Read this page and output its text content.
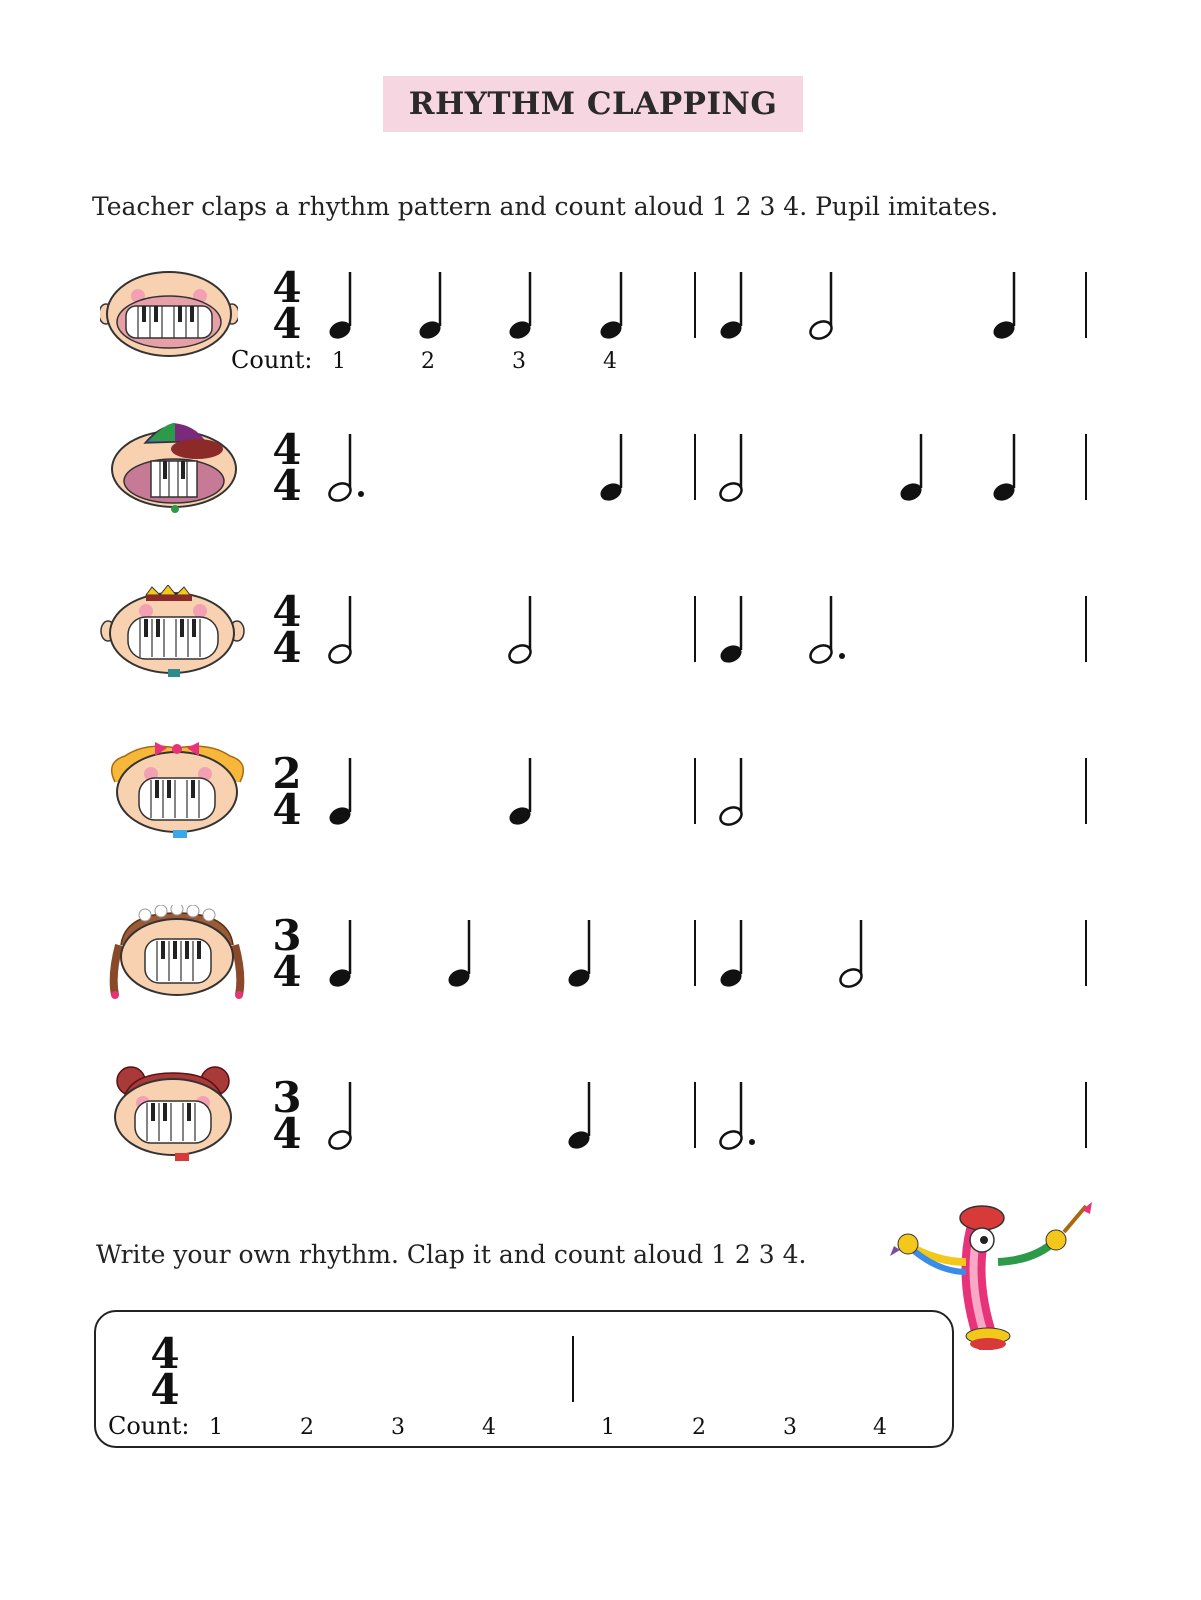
RHYTHM CLAPPING
Teacher claps a rhythm pattern and count aloud 1 2 3 4. Pupil imitates.
4
4
4
4
4
4
2
4
3
4
3
4
Count: 1	2	3	4
Write your own rhythm. Clap it and count aloud 1 2 3 4.
4
4
Count: 1	2	3	4	1	2	3	4
